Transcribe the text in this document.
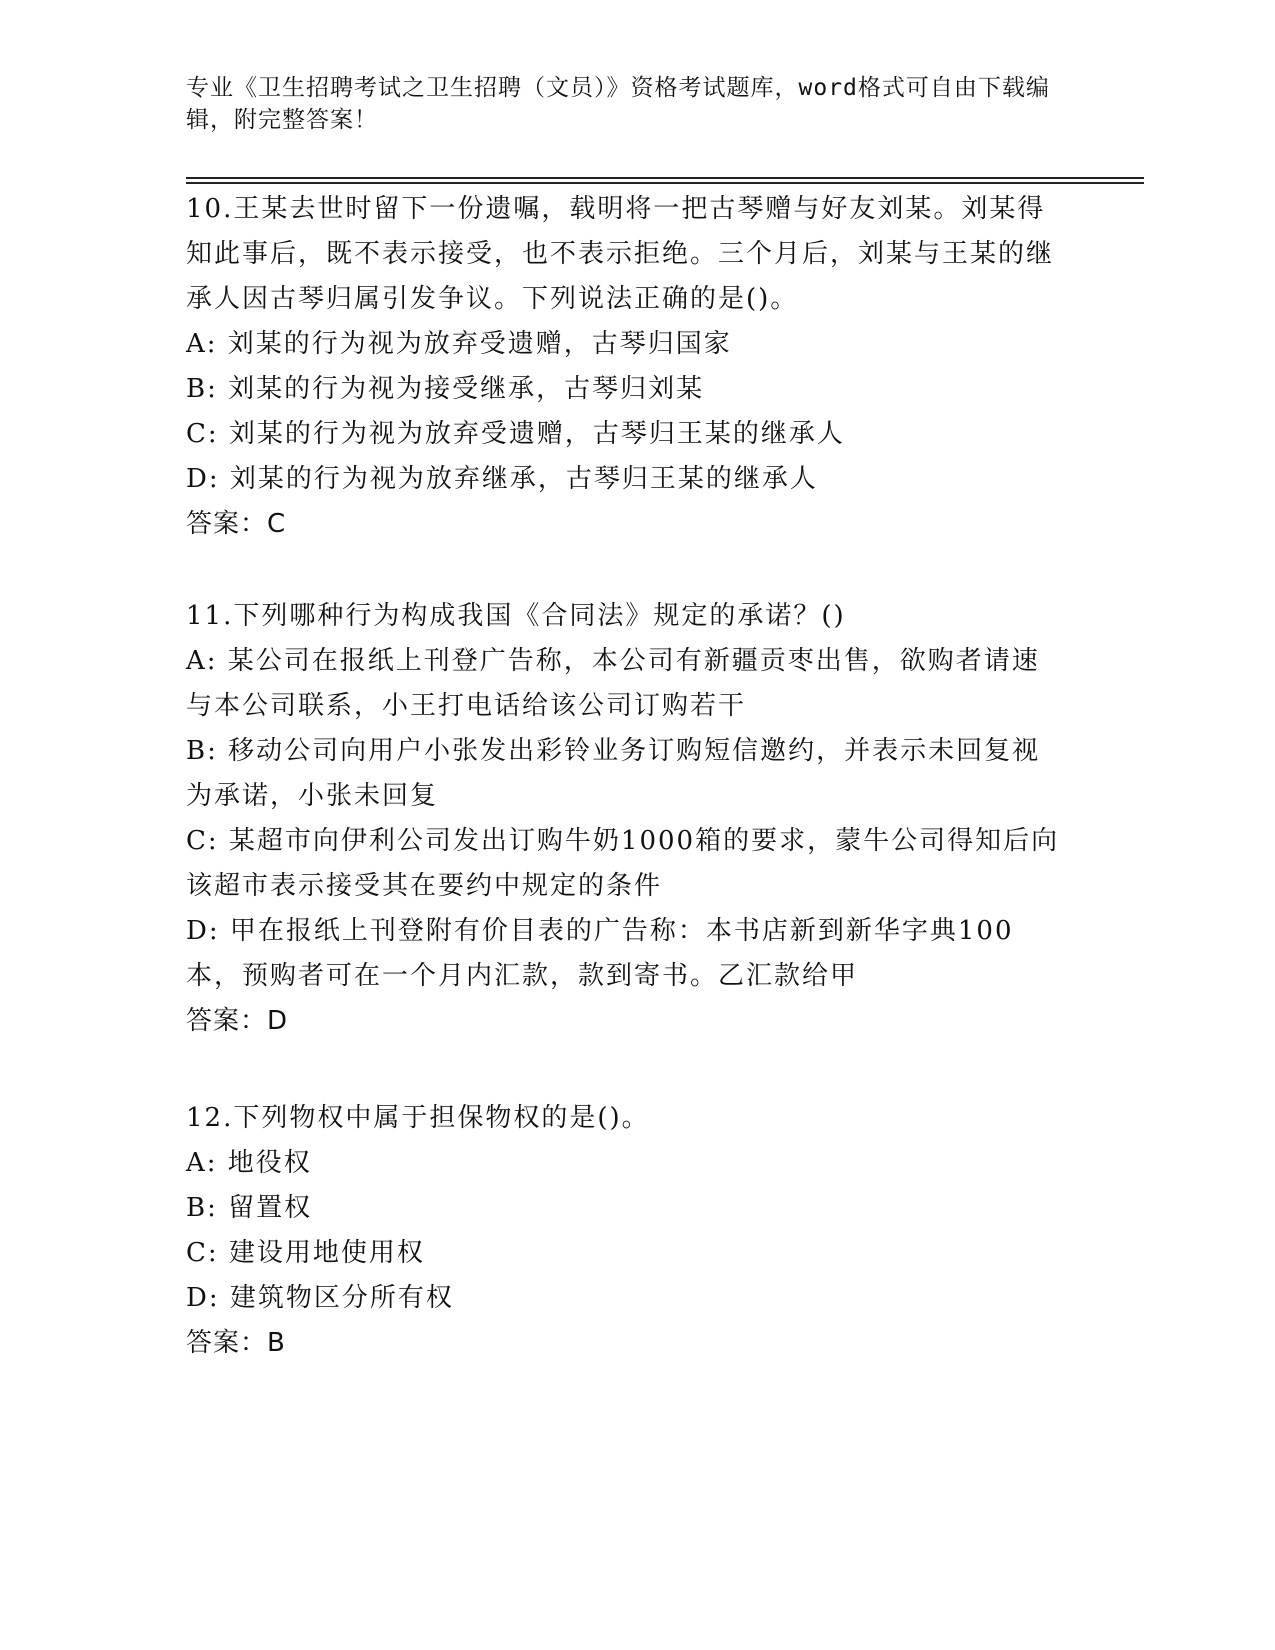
专业《卫生招聘考试之卫生招聘（文员）》资格考试题库，word格式可自由下载编辑，附完整答案！
10.王某去世时留下一份遗嘱，载明将一把古琴赠与好友刘某。刘某得知此事后，既不表示接受，也不表示拒绝。三个月后，刘某与王某的继承人因古琴归属引发争议。下列说法正确的是()。
A: 刘某的行为视为放弃受遗赠，古琴归国家
B: 刘某的行为视为接受继承，古琴归刘某
C: 刘某的行为视为放弃受遗赠，古琴归王某的继承人
D: 刘某的行为视为放弃继承，古琴归王某的继承人
答案：C
11.下列哪种行为构成我国《合同法》规定的承诺？()
A: 某公司在报纸上刊登广告称，本公司有新疆贡枣出售，欲购者请速与本公司联系，小王打电话给该公司订购若干
B: 移动公司向用户小张发出彩铃业务订购短信邀约，并表示未回复视为承诺，小张未回复
C: 某超市向伊利公司发出订购牛奶1000箱的要求，蒙牛公司得知后向该超市表示接受其在要约中规定的条件
D: 甲在报纸上刊登附有价目表的广告称：本书店新到新华字典100本，预购者可在一个月内汇款，款到寄书。乙汇款给甲
答案：D
12.下列物权中属于担保物权的是()。
A: 地役权
B: 留置权
C: 建设用地使用权
D: 建筑物区分所有权
答案：B
